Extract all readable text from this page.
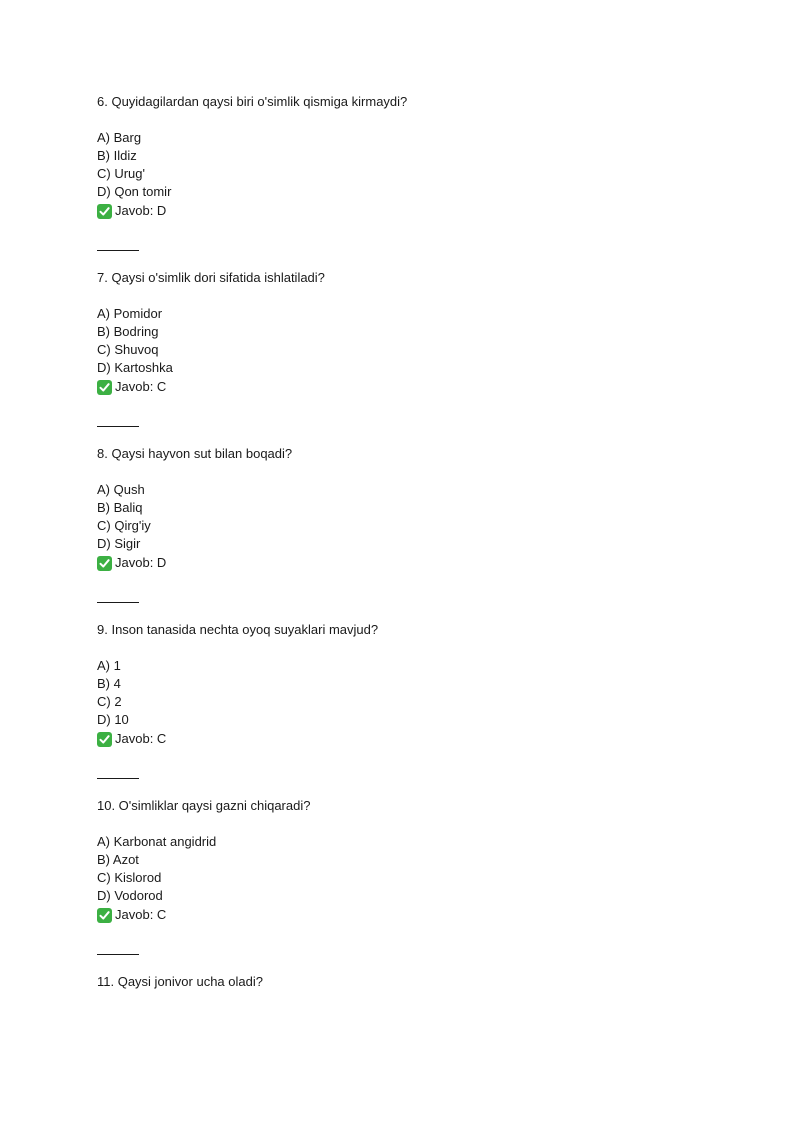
6. Quyidagilardan qaysi biri o'simlik qismiga kirmaydi?

A) Barg
B) Ildiz
C) Urug'
D) Qon tomir
Javob: D

7. Qaysi o'simlik dori sifatida ishlatiladi?

A) Pomidor
B) Bodring
C) Shuvoq
D) Kartoshka
Javob: C

8. Qaysi hayvon sut bilan boqadi?

A) Qush
B) Baliq
C) Qirg'iy
D) Sigir
Javob: D

9. Inson tanasida nechta oyoq suyaklari mavjud?

A) 1
B) 4
C) 2
D) 10
Javob: C

10. O'simliklar qaysi gazni chiqaradi?

A) Karbonat angidrid
B) Azot
C) Kislorod
D) Vodorod
Javob: C

11. Qaysi jonivor ucha oladi?
